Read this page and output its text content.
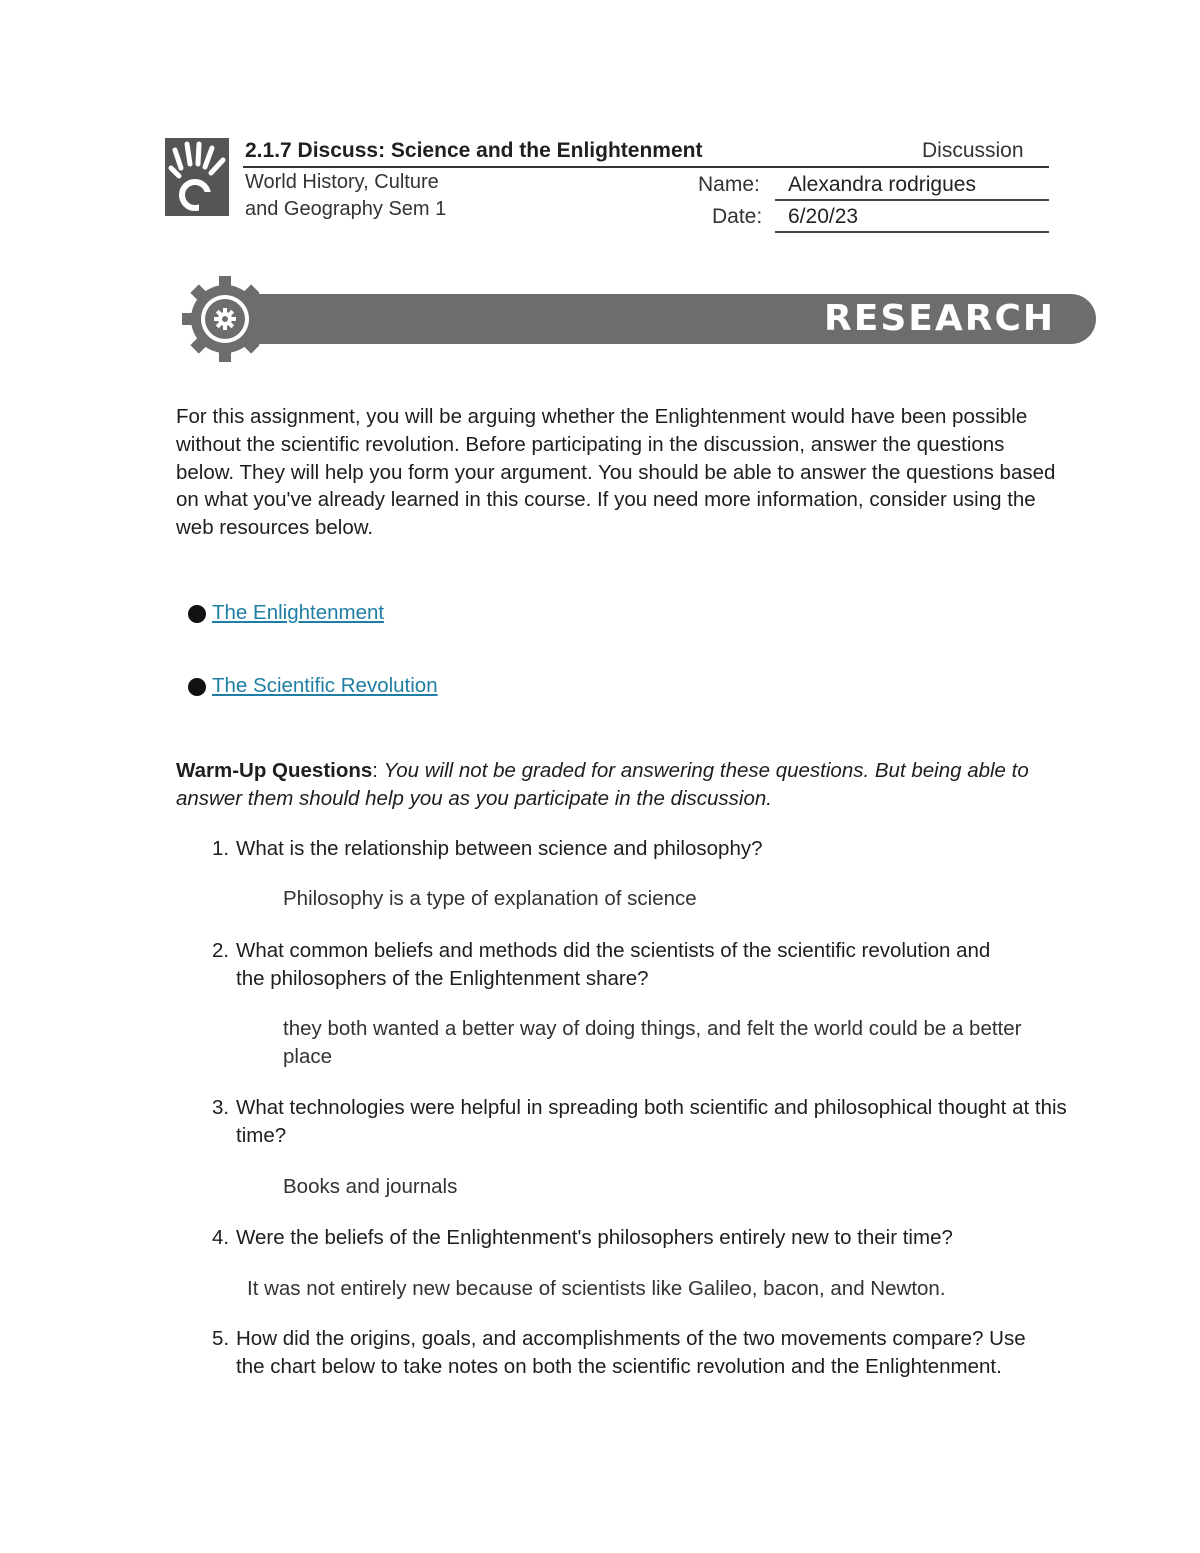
2.1.7 Discuss: Science and the Enlightenment	Discussion
World History, Culture
and Geography Sem 1
Name: Alexandra rodrigues
Date: 6/20/23
RESEARCH
For this assignment, you will be arguing whether the Enlightenment would have been possible without the scientific revolution. Before participating in the discussion, answer the questions below. They will help you form your argument. You should be able to answer the questions based on what you've already learned in this course. If you need more information, consider using the web resources below.
The Enlightenment
The Scientific Revolution
Warm-Up Questions: You will not be graded for answering these questions. But being able to answer them should help you as you participate in the discussion.
1. What is the relationship between science and philosophy?
Philosophy is a type of explanation of science
2. What common beliefs and methods did the scientists of the scientific revolution and the philosophers of the Enlightenment share?
they both wanted a better way of doing things, and felt the world could be a better place
3. What technologies were helpful in spreading both scientific and philosophical thought at this time?
Books and journals
4. Were the beliefs of the Enlightenment's philosophers entirely new to their time?
It was not entirely new because of scientists like Galileo, bacon, and Newton.
5. How did the origins, goals, and accomplishments of the two movements compare? Use the chart below to take notes on both the scientific revolution and the Enlightenment.
